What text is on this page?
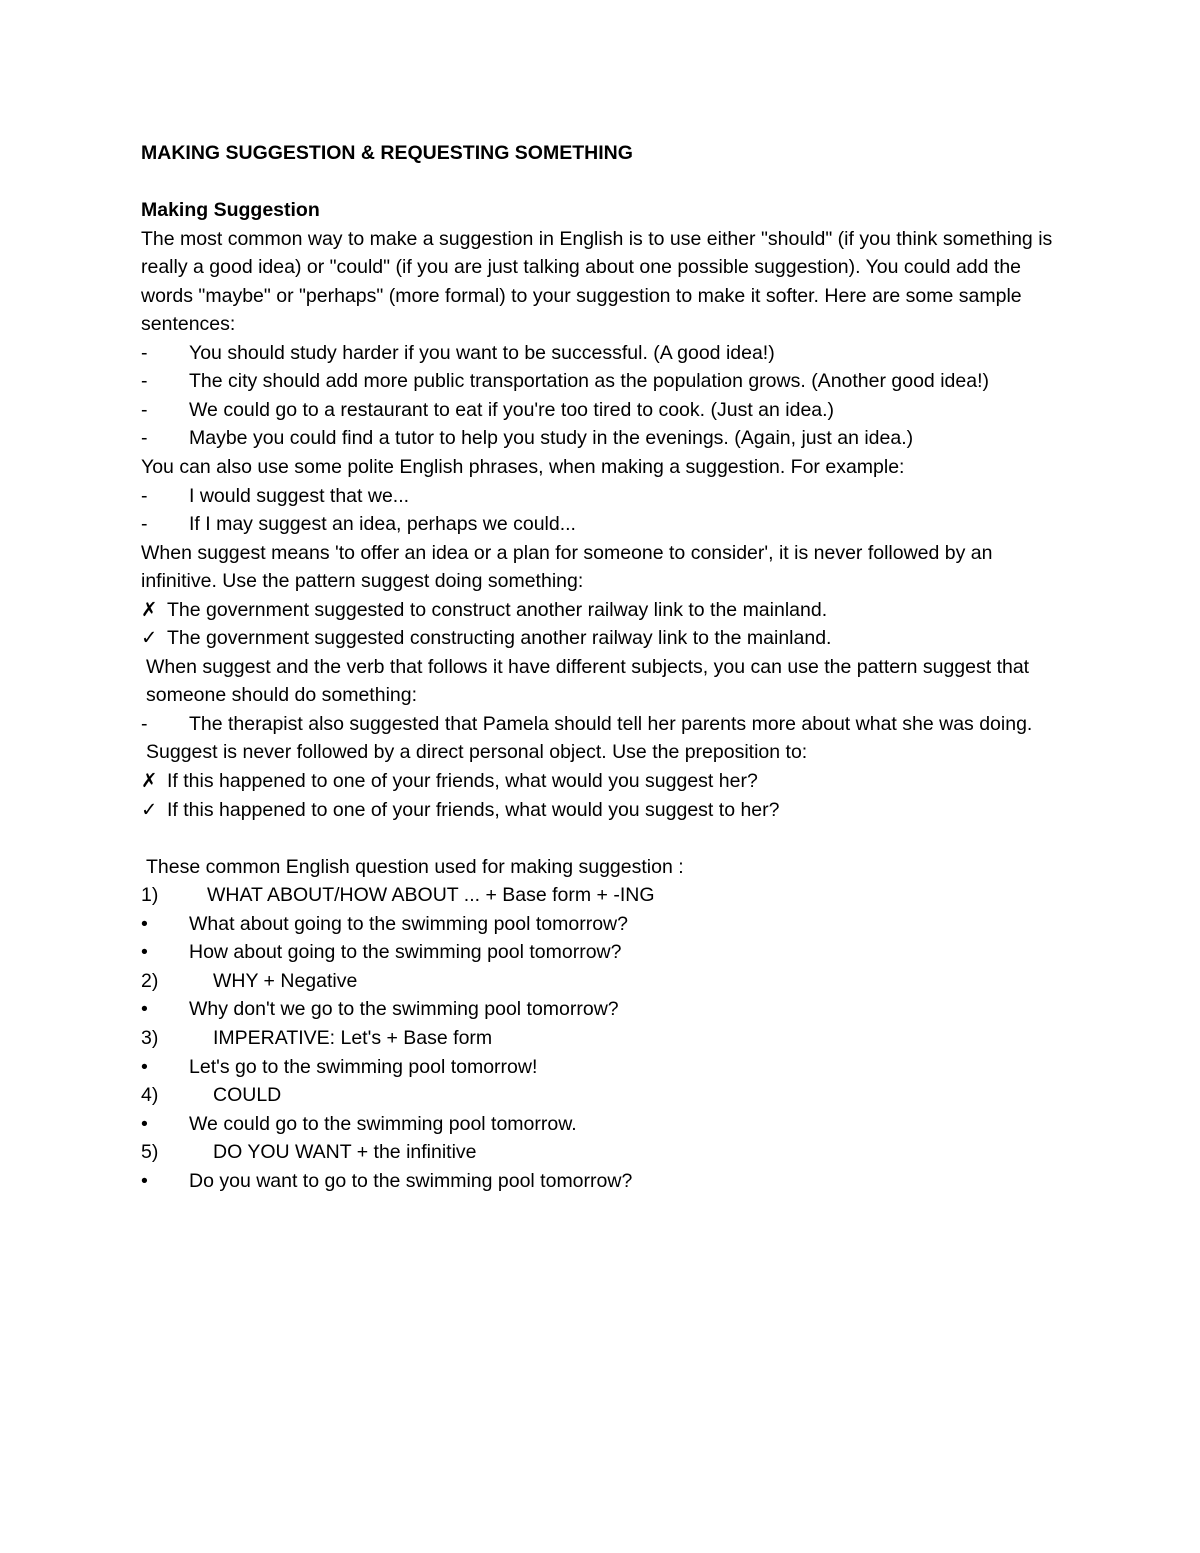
MAKING SUGGESTION & REQUESTING SOMETHING
Making Suggestion

The most common way to make a suggestion in English is to use either "should" (if you think something is really a good idea) or "could" (if you are just talking about one possible suggestion). You could add the words "maybe" or "perhaps" (more formal) to your suggestion to make it softer. Here are some sample sentences:

-	You should study harder if you want to be successful. (A good idea!)
-	The city should add more public transportation as the population grows. (Another good idea!)
-	We could go to a restaurant to eat if you're too tired to cook. (Just an idea.)
-	Maybe you could find a tutor to help you study in the evenings. (Again, just an idea.)

You can also use some polite English phrases, when making a suggestion. For example:

-	I would suggest that we...
-	If I may suggest an idea, perhaps we could...

When suggest means 'to offer an idea or a plan for someone to consider', it is never followed by an infinitive. Use the pattern suggest doing something:

✗ The government suggested to construct another railway link to the mainland.

✓ The government suggested constructing another railway link to the mainland.

When suggest and the verb that follows it have different subjects, you can use the pattern suggest that someone should do something:

-	The therapist also suggested that Pamela should tell her parents more about what she was doing.

Suggest is never followed by a direct personal object. Use the preposition to:

✗ If this happened to one of your friends, what would you suggest her?

✓ If this happened to one of your friends, what would you suggest to her?

These common English question used for making suggestion :

1)	WHAT ABOUT/HOW ABOUT ... + Base form + -ING
•	What about going to the swimming pool tomorrow?
•	How about going to the swimming pool tomorrow?
2)	WHY + Negative
•	Why don't we go to the swimming pool tomorrow?
3)	IMPERATIVE: Let's + Base form
•	Let's go to the swimming pool tomorrow!
4)	COULD
•	We could go to the swimming pool tomorrow.
5)	DO YOU WANT + the infinitive
•	Do you want to go to the swimming pool tomorrow?
